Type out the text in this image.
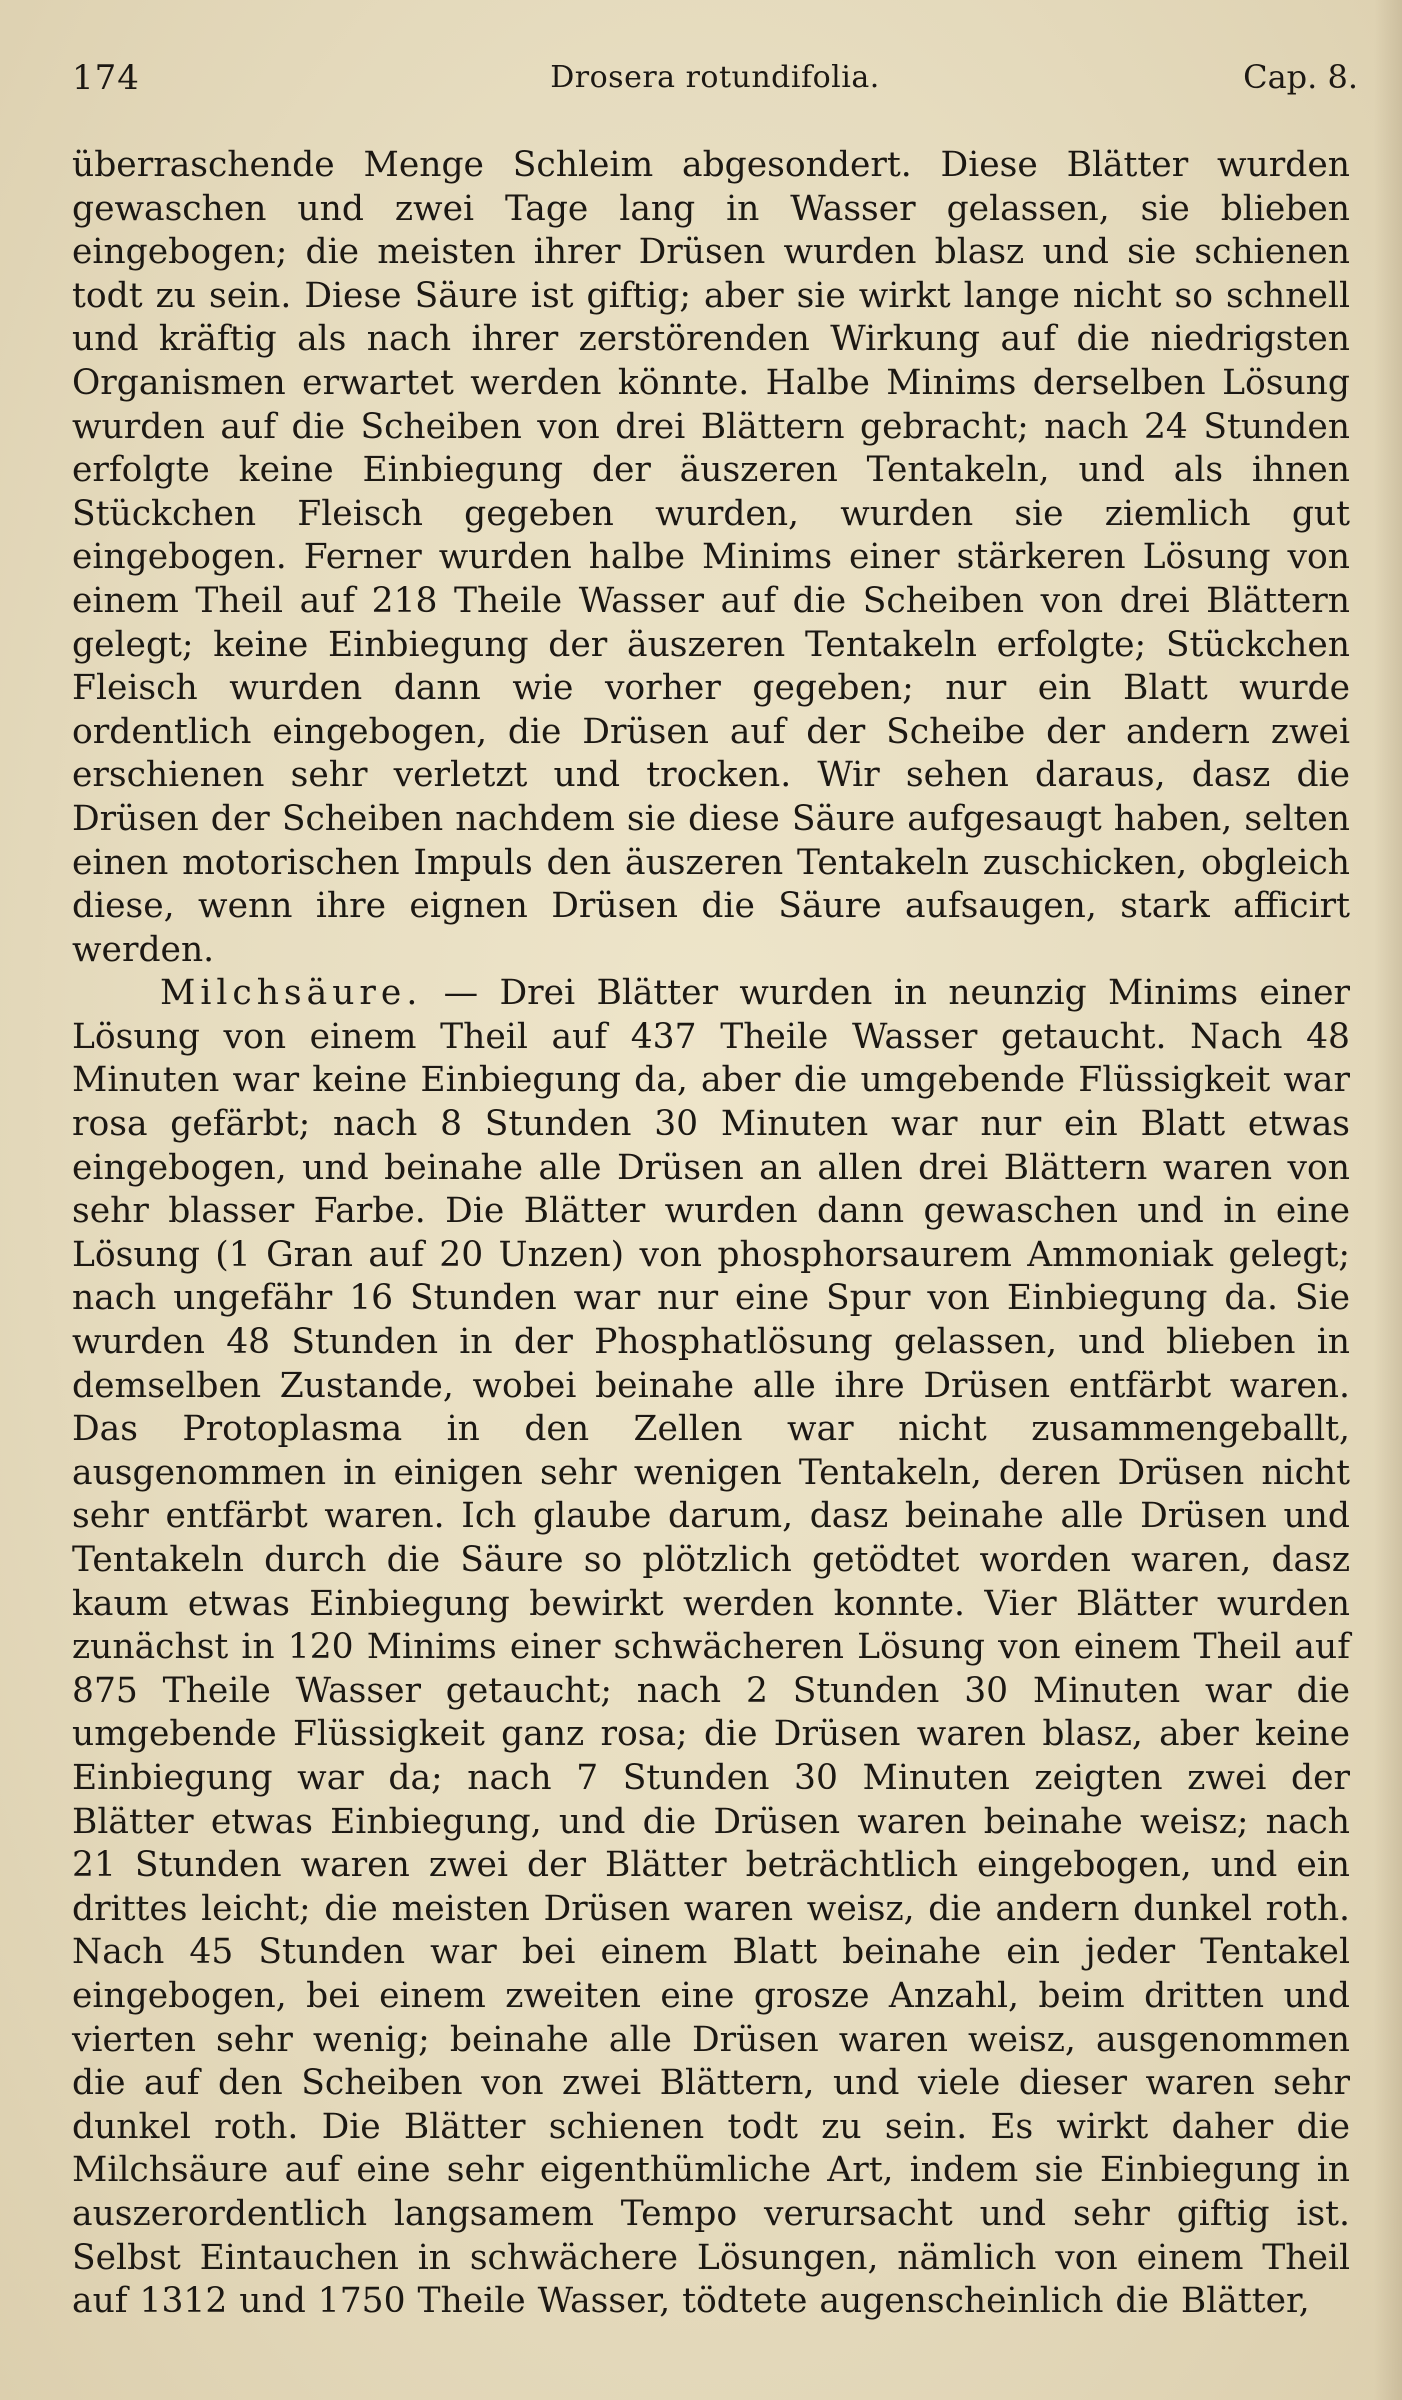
174	Drosera rotundifolia.	Cap. 8.

überraschende Menge Schleim abgesondert. Diese Blätter wurden gewaschen und zwei Tage lang in Wasser gelassen, sie blieben eingebogen; die meisten ihrer Drüsen wurden blasz und sie schienen todt zu sein. Diese Säure ist giftig; aber sie wirkt lange nicht so schnell und kräftig als nach ihrer zerstörenden Wirkung auf die niedrigsten Organismen erwartet werden könnte. Halbe Minims derselben Lösung wurden auf die Scheiben von drei Blättern gebracht; nach 24 Stunden erfolgte keine Einbiegung der äuszeren Tentakeln, und als ihnen Stückchen Fleisch gegeben wurden, wurden sie ziemlich gut eingebogen. Ferner wurden halbe Minims einer stärkeren Lösung von einem Theil auf 218 Theile Wasser auf die Scheiben von drei Blättern gelegt; keine Einbiegung der äuszeren Tentakeln erfolgte; Stückchen Fleisch wurden dann wie vorher gegeben; nur ein Blatt wurde ordentlich eingebogen, die Drüsen auf der Scheibe der andern zwei erschienen sehr verletzt und trocken. Wir sehen daraus, dasz die Drüsen der Scheiben nachdem sie diese Säure aufgesaugt haben, selten einen motorischen Impuls den äuszeren Tentakeln zuschicken, obgleich diese, wenn ihre eignen Drüsen die Säure aufsaugen, stark afficirt werden.

Milchsäure. — Drei Blätter wurden in neunzig Minims einer Lösung von einem Theil auf 437 Theile Wasser getaucht. Nach 48 Minuten war keine Einbiegung da, aber die umgebende Flüssigkeit war rosa gefärbt; nach 8 Stunden 30 Minuten war nur ein Blatt etwas eingebogen, und beinahe alle Drüsen an allen drei Blättern waren von sehr blasser Farbe. Die Blätter wurden dann gewaschen und in eine Lösung (1 Gran auf 20 Unzen) von phosphorsaurem Ammoniak gelegt; nach ungefähr 16 Stunden war nur eine Spur von Einbiegung da. Sie wurden 48 Stunden in der Phosphatlösung gelassen, und blieben in demselben Zustande, wobei beinahe alle ihre Drüsen entfärbt waren. Das Protoplasma in den Zellen war nicht zusammengeballt, ausgenommen in einigen sehr wenigen Tentakeln, deren Drüsen nicht sehr entfärbt waren. Ich glaube darum, dasz beinahe alle Drüsen und Tentakeln durch die Säure so plötzlich getödtet worden waren, dasz kaum etwas Einbiegung bewirkt werden konnte. Vier Blätter wurden zunächst in 120 Minims einer schwächeren Lösung von einem Theil auf 875 Theile Wasser getaucht; nach 2 Stunden 30 Minuten war die umgebende Flüssigkeit ganz rosa; die Drüsen waren blasz, aber keine Einbiegung war da; nach 7 Stunden 30 Minuten zeigten zwei der Blätter etwas Einbiegung, und die Drüsen waren beinahe weisz; nach 21 Stunden waren zwei der Blätter beträchtlich eingebogen, und ein drittes leicht; die meisten Drüsen waren weisz, die andern dunkel roth. Nach 45 Stunden war bei einem Blatt beinahe ein jeder Tentakel eingebogen, bei einem zweiten eine grosze Anzahl, beim dritten und vierten sehr wenig; beinahe alle Drüsen waren weisz, ausgenommen die auf den Scheiben von zwei Blättern, und viele dieser waren sehr dunkel roth. Die Blätter schienen todt zu sein. Es wirkt daher die Milchsäure auf eine sehr eigenthümliche Art, indem sie Einbiegung in auszerordentlich langsamem Tempo verursacht und sehr giftig ist. Selbst Eintauchen in schwächere Lösungen, nämlich von einem Theil auf 1312 und 1750 Theile Wasser, tödtete augenscheinlich die Blätter,
